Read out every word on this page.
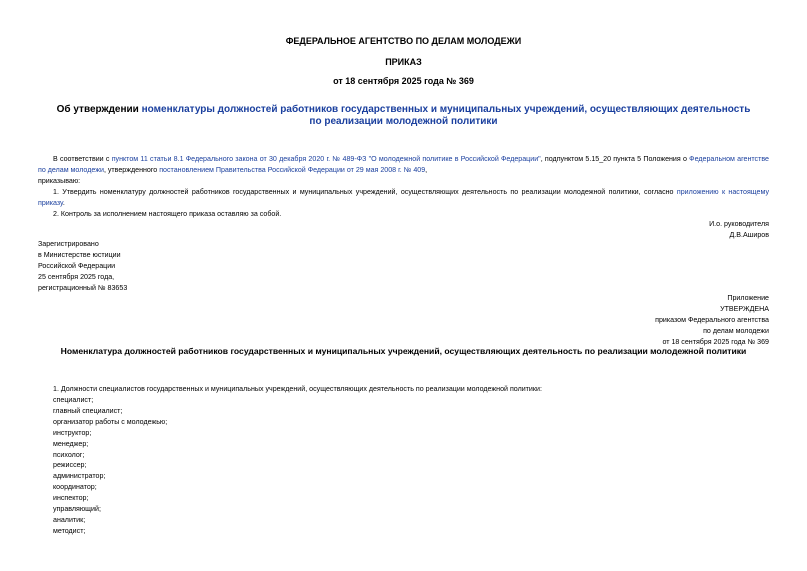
ФЕДЕРАЛЬНОЕ АГЕНТСТВО ПО ДЕЛАМ МОЛОДЕЖИ
ПРИКАЗ
от 18 сентября 2025 года № 369
Об утверждении номенклатуры должностей работников государственных и муниципальных учреждений, осуществляющих деятельность по реализации молодежной политики
В соответствии с пунктом 11 статьи 8.1 Федерального закона от 30 декабря 2020 г. № 489-ФЗ "О молодежной политике в Российской Федерации", подпунктом 5.15_20 пункта 5 Положения о Федеральном агентстве по делам молодежи, утвержденного постановлением Правительства Российской Федерации от 29 мая 2008 г. № 409,
приказываю:
1. Утвердить номенклатуру должностей работников государственных и муниципальных учреждений, осуществляющих деятельность по реализации молодежной политики, согласно приложению к настоящему приказу.
2. Контроль за исполнением настоящего приказа оставляю за собой.
И.о. руководителя
Д.В.Аширов
Зарегистрировано
в Министерстве юстиции
Российской Федерации
25 сентября 2025 года,
регистрационный № 83653
Приложение
УТВЕРЖДЕНА
приказом Федерального агентства
по делам молодежи
от 18 сентября 2025 года № 369
Номенклатура должностей работников государственных и муниципальных учреждений, осуществляющих деятельность по реализации молодежной политики
1. Должности специалистов государственных и муниципальных учреждений, осуществляющих деятельность по реализации молодежной политики:
специалист;
главный специалист;
организатор работы с молодежью;
инструктор;
менеджер;
психолог;
режиссер;
администратор;
координатор;
инспектор;
управляющий;
аналитик;
методист;
